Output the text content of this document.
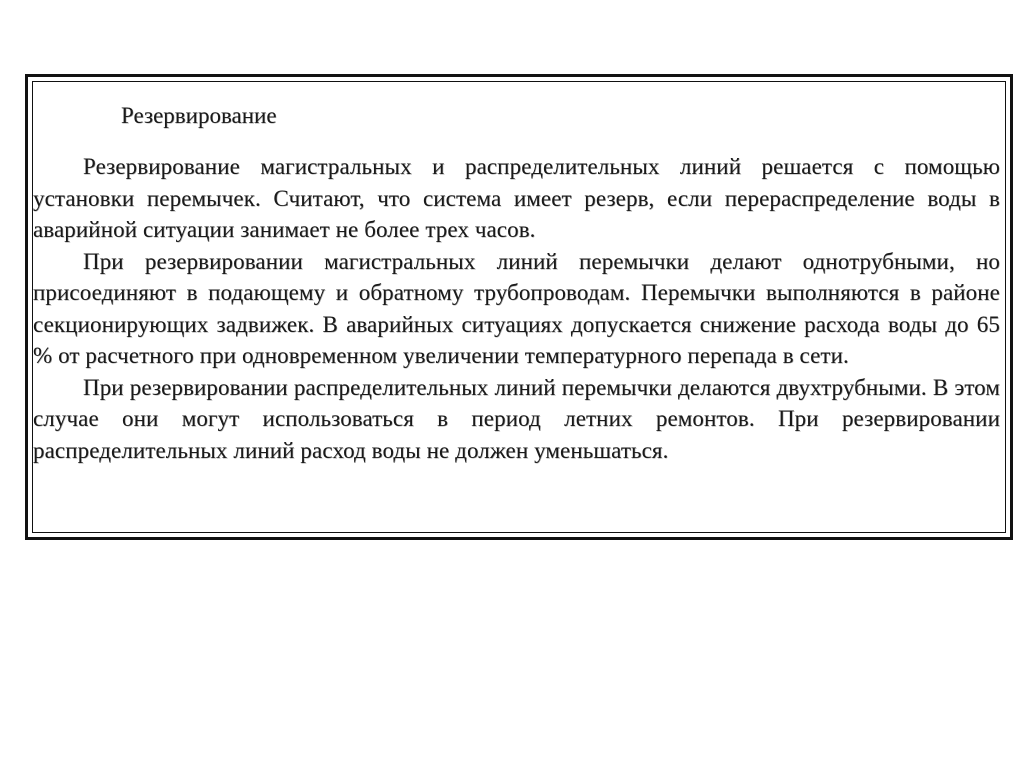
Резервирование

Резервирование магистральных и распределительных линий решается с помощью установки перемычек. Считают, что система имеет резерв, если перераспределение воды в аварийной ситуации занимает не более трех часов.

При резервировании магистральных линий перемычки делают однотрубными, но присоединяют в подающему и обратному трубопроводам. Перемычки выполняются в районе секционирующих задвижек. В аварийных ситуациях допускается снижение расхода воды до 65 % от расчетного при одновременном увеличении температурного перепада в сети.

При резервировании распределительных линий перемычки делаются двухтрубными. В этом случае они могут использоваться в период летних ремонтов. При резервировании распределительных линий расход воды не должен уменьшаться.
